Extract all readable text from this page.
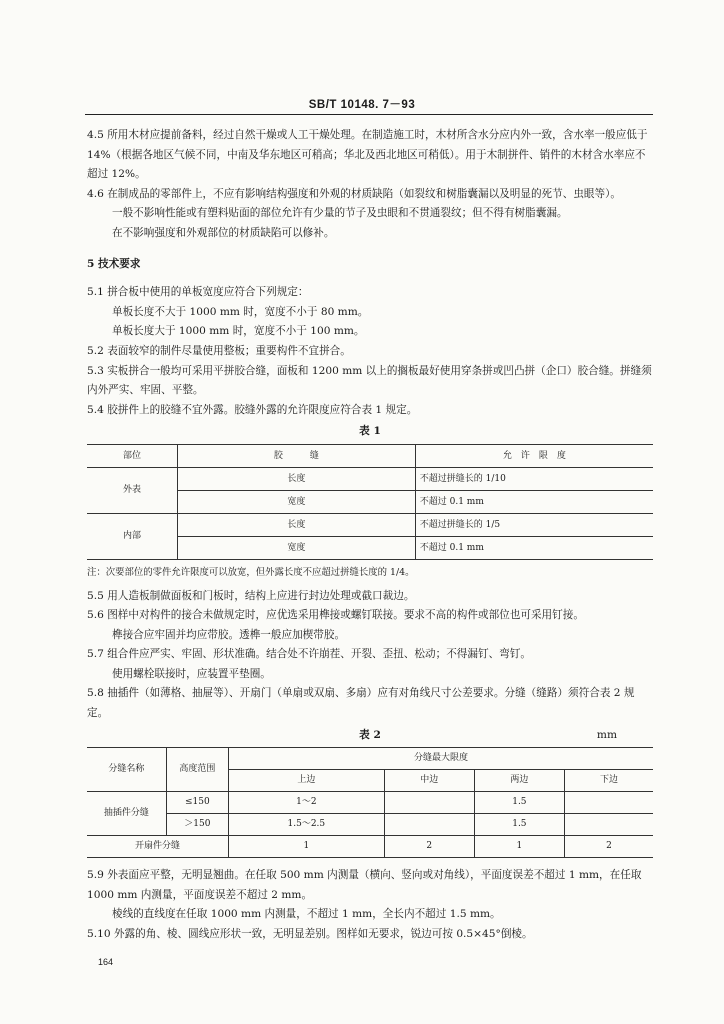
SB/T 10148. 7－93

4.5 所用木材应提前备料，经过自然干燥或人工干燥处理。在制造施工时，木材所含水分应内外一致，含水率一般应低于 14%（根据各地区气候不同，中南及华东地区可稍高；华北及西北地区可稍低）。用于木制拼件、销件的木材含水率应不超过 12%。

4.6 在制成品的零部件上，不应有影响结构强度和外观的材质缺陷（如裂纹和树脂囊漏以及明显的死节、虫眼等）。

一般不影响性能或有塑料贴面的部位允许有少量的节子及虫眼和不贯通裂纹；但不得有树脂囊漏。

在不影响强度和外观部位的材质缺陷可以修补。

5 技术要求

5.1 拼合板中使用的单板宽度应符合下列规定：

单板长度不大于 1000 mm 时，宽度不小于 80 mm。

单板长度大于 1000 mm 时，宽度不小于 100 mm。

5.2 表面较窄的制件尽量使用整板；重要构件不宜拼合。

5.3 实板拼合一般均可采用平拼胶合缝，面板和 1200 mm 以上的搁板最好使用穿条拼或凹凸拼（企口）胶合缝。拼缝须内外严实、牢固、平整。

5.4 胶拼件上的胶缝不宜外露。胶缝外露的允许限度应符合表 1 规定。

表 1
部位	胶　　　缝	允　许　限　度
外表	长度	不超过拼缝长的 1/10
	宽度	不超过 0.1 mm
内部	长度	不超过拼缝长的 1/5
	宽度	不超过 0.1 mm

注：次要部位的零件允许限度可以放宽，但外露长度不应超过拼缝长度的 1/4。

5.5 用人造板制做面板和门板时，结构上应进行封边处理或截口裁边。

5.6 图样中对构件的接合未做规定时，应优选采用榫接或螺钉联接。要求不高的构件或部位也可采用钉接。

榫接合应牢固并均应带胶。透榫一般应加楔带胶。

5.7 组合件应严实、牢固、形状准确。结合处不许崩茬、开裂、歪扭、松动；不得漏钉、弯钉。

使用螺栓联接时，应装置平垫圈。

5.8 抽插件（如薄格、抽屉等）、开扇门（单扇或双扇、多扇）应有对角线尺寸公差要求。分缝（缝路）须符合表 2 规定。

表 2	mm
分缝名称	高度范围	分缝最大限度			
		上边	中边	两边	下边
抽插件分缝	≤150	1～2		1.5	
	＞150	1.5～2.5		1.5	
开扇件分缝		1	2	1	2

5.9 外表面应平整，无明显翘曲。在任取 500 mm 内测量（横向、竖向或对角线），平面度误差不超过 1 mm，在任取 1000 mm 内测量，平面度误差不超过 2 mm。

棱线的直线度在任取 1000 mm 内测量，不超过 1 mm，全长内不超过 1.5 mm。

5.10 外露的角、棱、圆线应形状一致，无明显差别。图样如无要求，锐边可按 0.5×45°倒棱。

164
